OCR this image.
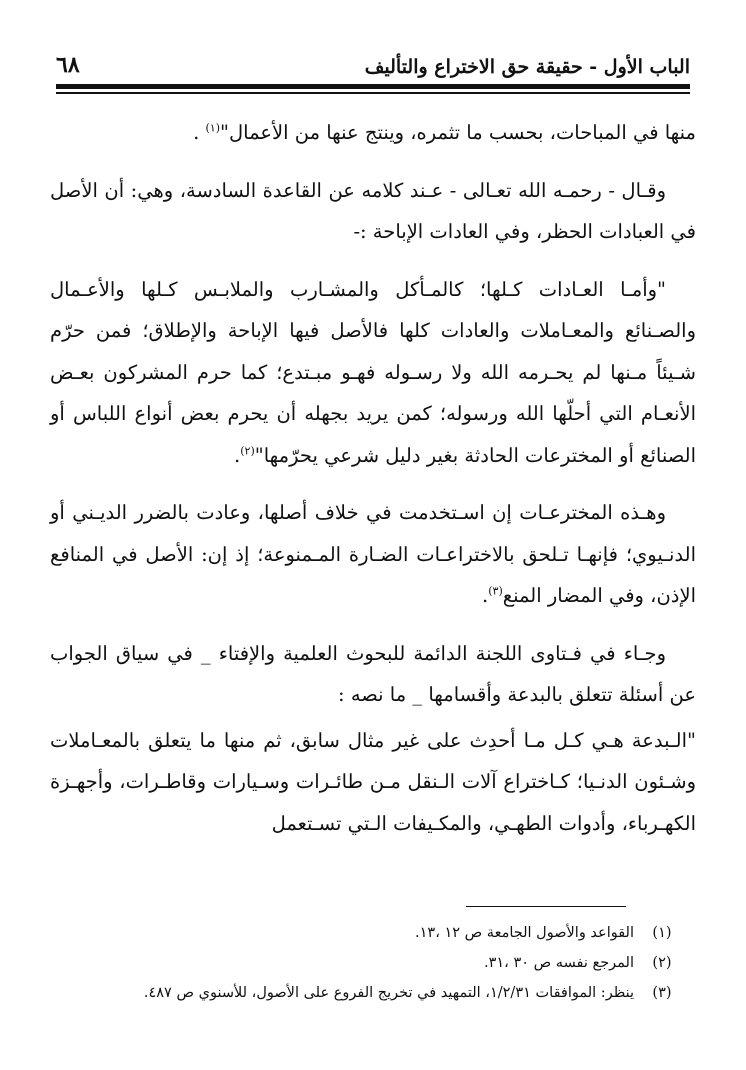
الباب الأول - حقيقة حق الاختراع والتأليف
٦٨

منها في المباحات، بحسب ما تثمره، وينتج عنها من الأعمال"$^{(١)}$ .

وقـال - رحمـه الله تعـالى - عـند كلامه عن القاعدة السادسة، وهي: أن الأصل في العبادات الحظر، وفي العادات الإباحة :-

"وأمـا العـادات كـلها؛ كالمـأكل والمشـارب والملابـس كـلها والأعـمال والصـنائع والمعـاملات والعادات كلها فالأصل فيها الإباحة والإطلاق؛ فمن حرّم شـيئاً مـنها لم يحـرمه الله ولا رسـوله فهـو مبـتدع؛ كما حرم المشركون بعـض الأنعـام التي أحلّها الله ورسوله؛ كمن يريد بجهله أن يحرم بعض أنواع اللباس أو الصنائع أو المخترعات الحادثة بغير دليل شرعي يحرّمها"$^{(٢)}$.

وهـذه المخترعـات إن اسـتخدمت في خلاف أصلها، وعادت بالضرر الديـني أو الدنـيوي؛ فإنهـا تـلحق بالاختراعـات الضـارة المـمنوعة؛ إذ إن: الأصل في المنافع الإذن، وفي المضار المنع$^{(٣)}$.

وجـاء في فـتاوى اللجنة الدائمة للبحوث العلمية والإفتاء _ في سياق الجواب عن أسئلة تتعلق بالبدعة وأقسامها _ ما نصه :

"الـبدعة هـي كـل مـا أحدِث على غير مثال سابق، ثم منها ما يتعلق بالمعـاملات وشـئون الدنـيا؛ كـاختراع آلات الـنقل مـن طائـرات وسـيارات وقاطـرات، وأجهـزة الكهـرباء، وأدوات الطهـي، والمكـيفات الـتي تسـتعمل

(١)
القواعد والأصول الجامعة ص ١٢ ،١٣.
(٢)
المرجع نفسه ص ٣٠ ،٣١.
(٣)
ينظر: الموافقات ١/٢/٣١، التمهيد في تخريج الفروع على الأصول، للأسنوي ص ٤٨٧.
